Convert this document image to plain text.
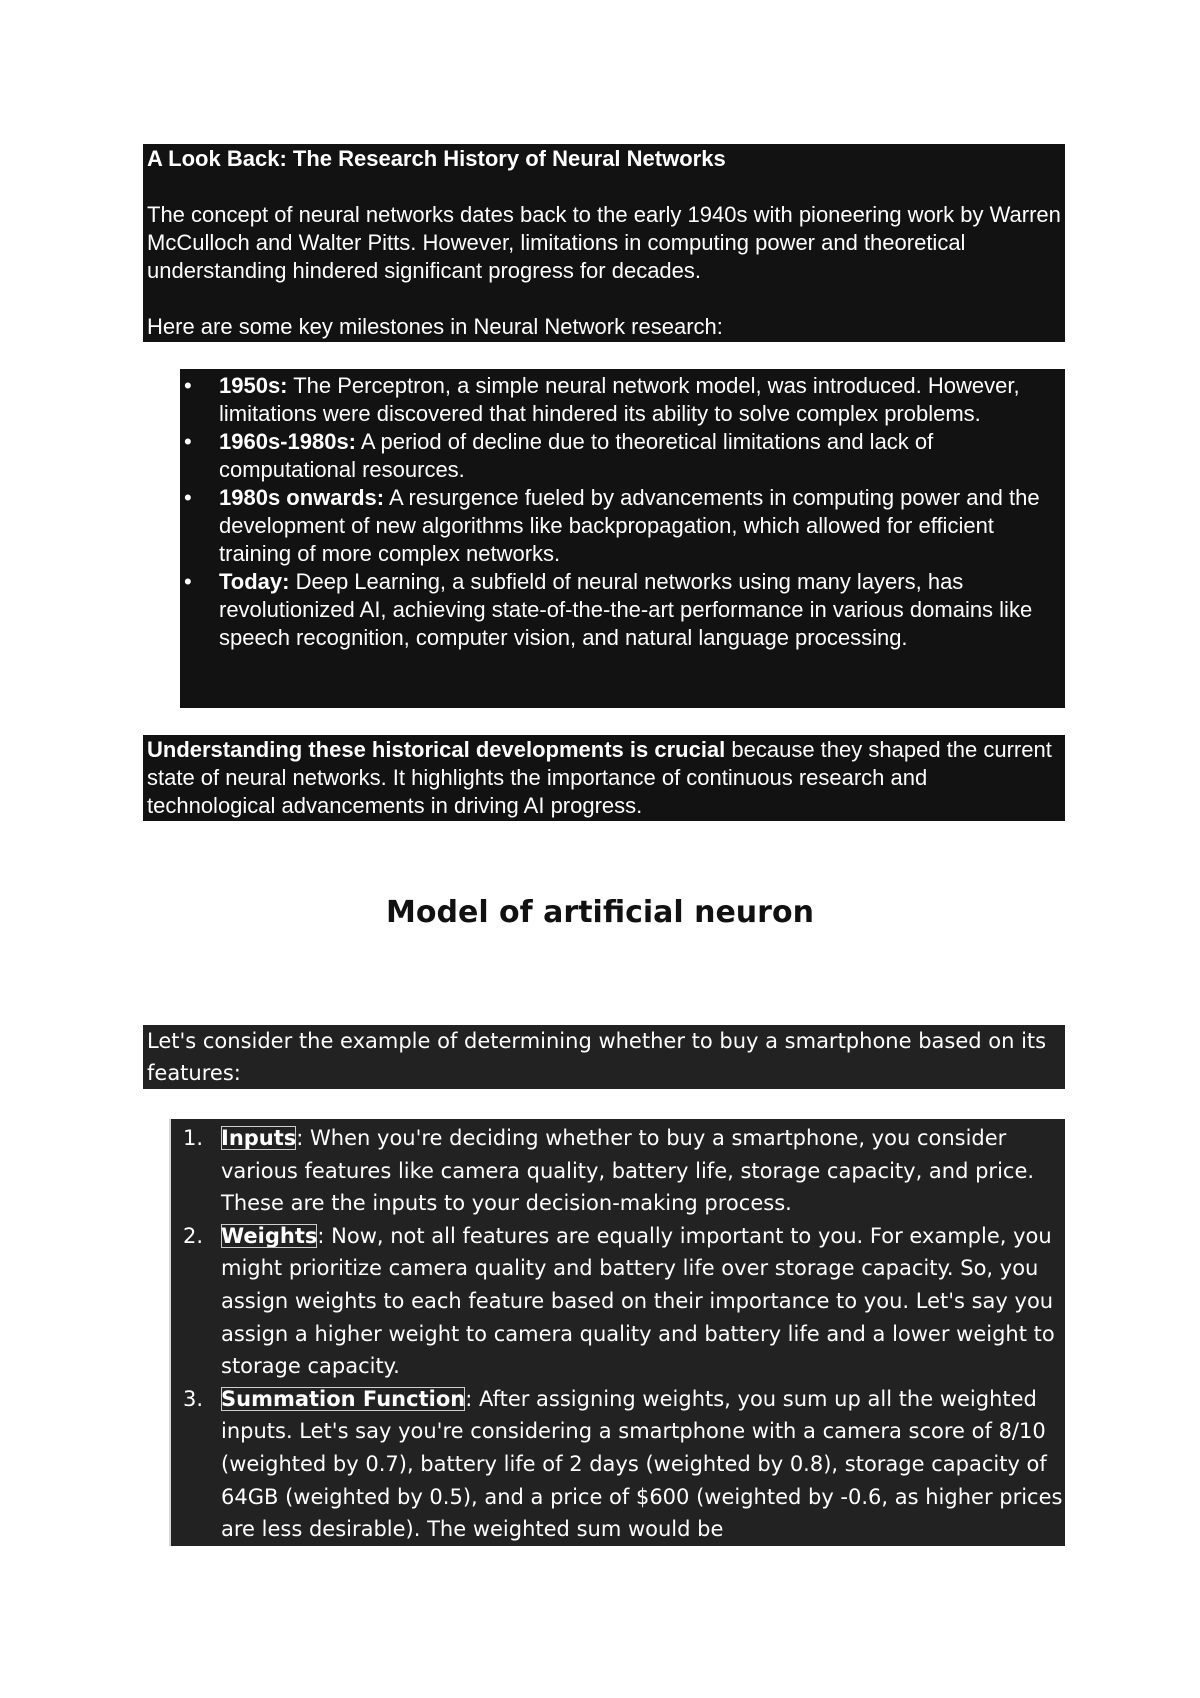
A Look Back: The Research History of Neural Networks

The concept of neural networks dates back to the early 1940s with pioneering work by Warren McCulloch and Walter Pitts. However, limitations in computing power and theoretical understanding hindered significant progress for decades.

Here are some key milestones in Neural Network research:

• 1950s: The Perceptron, a simple neural network model, was introduced. However, limitations were discovered that hindered its ability to solve complex problems.
• 1960s-1980s: A period of decline due to theoretical limitations and lack of computational resources.
• 1980s onwards: A resurgence fueled by advancements in computing power and the development of new algorithms like backpropagation, which allowed for efficient training of more complex networks.
• Today: Deep Learning, a subfield of neural networks using many layers, has revolutionized AI, achieving state-of-the-the-art performance in various domains like speech recognition, computer vision, and natural language processing.
Understanding these historical developments is crucial because they shaped the current state of neural networks. It highlights the importance of continuous research and technological advancements in driving AI progress.
Model of artificial neuron
Let's consider the example of determining whether to buy a smartphone based on its features:
1. Inputs: When you're deciding whether to buy a smartphone, you consider various features like camera quality, battery life, storage capacity, and price. These are the inputs to your decision-making process.
2. Weights: Now, not all features are equally important to you. For example, you might prioritize camera quality and battery life over storage capacity. So, you assign weights to each feature based on their importance to you. Let's say you assign a higher weight to camera quality and battery life and a lower weight to storage capacity.
3. Summation Function: After assigning weights, you sum up all the weighted inputs. Let's say you're considering a smartphone with a camera score of 8/10 (weighted by 0.7), battery life of 2 days (weighted by 0.8), storage capacity of 64GB (weighted by 0.5), and a price of $600 (weighted by -0.6, as higher prices are less desirable). The weighted sum would be
